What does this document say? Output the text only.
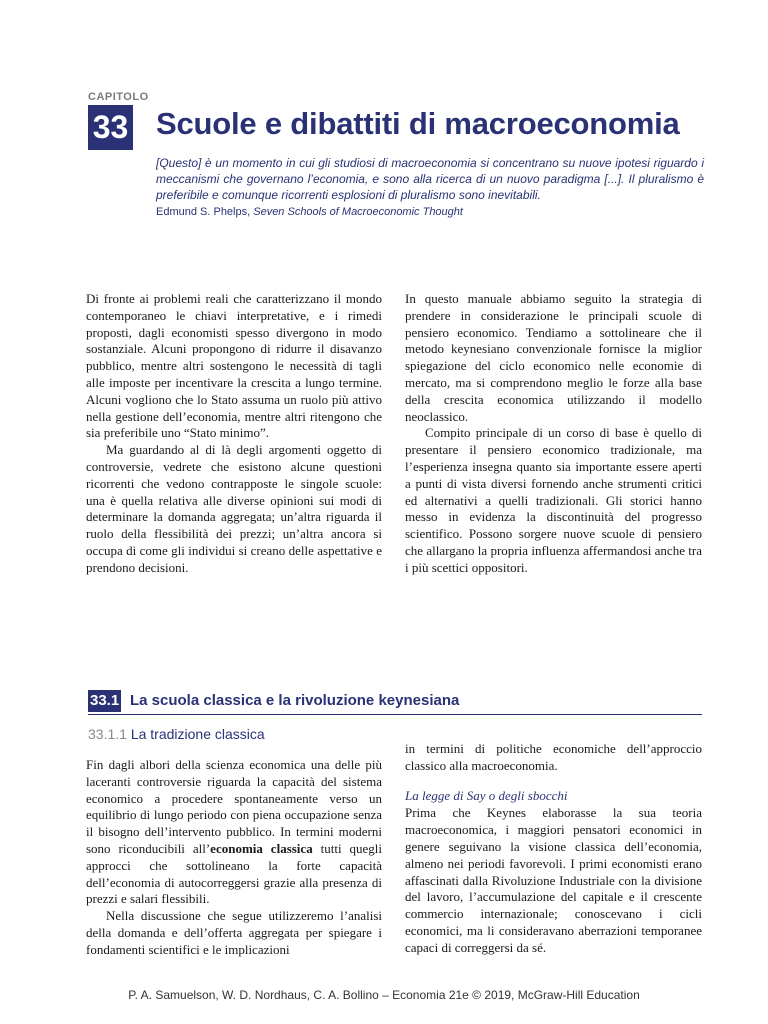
CAPITOLO
33 Scuole e dibattiti di macroeconomia
[Questo] è un momento in cui gli studiosi di macroeconomia si concentrano su nuove ipotesi riguardo i meccanismi che governano l’economia, e sono alla ricerca di un nuovo paradigma [...]. Il pluralismo è preferibile e comunque ricorrenti esplosioni di pluralismo sono inevitabili.
Edmund S. Phelps, Seven Schools of Macroeconomic Thought

Di fronte ai problemi reali che caratterizzano il mondo contemporaneo le chiavi interpretative, e i rimedi proposti, dagli economisti spesso divergono in modo sostanziale. Alcuni propongono di ridurre il disavanzo pubblico, mentre altri sostengono le necessità di tagli alle imposte per incentivare la crescita a lungo termine. Alcuni vogliono che lo Stato assuma un ruolo più attivo nella gestione dell’economia, mentre altri ritengono che sia preferibile uno “Stato minimo”.

Ma guardando al di là degli argomenti oggetto di controversie, vedrete che esistono alcune questioni ricorrenti che vedono contrapposte le singole scuole: una è quella relativa alle diverse opinioni sui modi di determinare la domanda aggregata; un’altra riguarda il ruolo della flessibilità dei prezzi; un’altra ancora si occupa di come gli individui si creano delle aspettative e prendono decisioni.

In questo manuale abbiamo seguito la strategia di prendere in considerazione le principali scuole di pensiero economico. Tendiamo a sottolineare che il metodo keynesiano convenzionale fornisce la miglior spiegazione del ciclo economico nelle economie di mercato, ma si comprendono meglio le forze alla base della crescita economica utilizzando il modello neoclassico.

Compito principale di un corso di base è quello di presentare il pensiero economico tradizionale, ma l’esperienza insegna quanto sia importante essere aperti a punti di vista diversi fornendo anche strumenti critici ed alternativi a quelli tradizionali. Gli storici hanno messo in evidenza la discontinuità del progresso scientifico. Possono sorgere nuove scuole di pensiero che allargano la propria influenza affermandosi anche tra i più scettici oppositori.

33.1 La scuola classica e la rivoluzione keynesiana
33.1.1 La tradizione classica

Fin dagli albori della scienza economica una delle più laceranti controversie riguarda la capacità del sistema economico a procedere spontaneamente verso un equilibrio di lungo periodo con piena occupazione senza il bisogno dell’intervento pubblico. In termini moderni sono riconducibili all’economia classica tutti quegli approcci che sottolineano la forte capacità dell’economia di autocorreggersi grazie alla presenza di prezzi e salari flessibili.

Nella discussione che segue utilizzeremo l’analisi della domanda e dell’offerta aggregata per spiegare i fondamenti scientifici e le implicazioni

in termini di politiche economiche dell’approccio classico alla macroeconomia.

La legge di Say o degli sbocchi

Prima che Keynes elaborasse la sua teoria macroeconomica, i maggiori pensatori economici in genere seguivano la visione classica dell’economia, almeno nei periodi favorevoli. I primi economisti erano affascinati dalla Rivoluzione Industriale con la divisione del lavoro, l’accumulazione del capitale e il crescente commercio internazionale; conoscevano i cicli economici, ma li consideravano aberrazioni temporanee capaci di correggersi da sé.

P. A. Samuelson, W. D. Nordhaus, C. A. Bollino – Economia 21e © 2019, McGraw-Hill Education
